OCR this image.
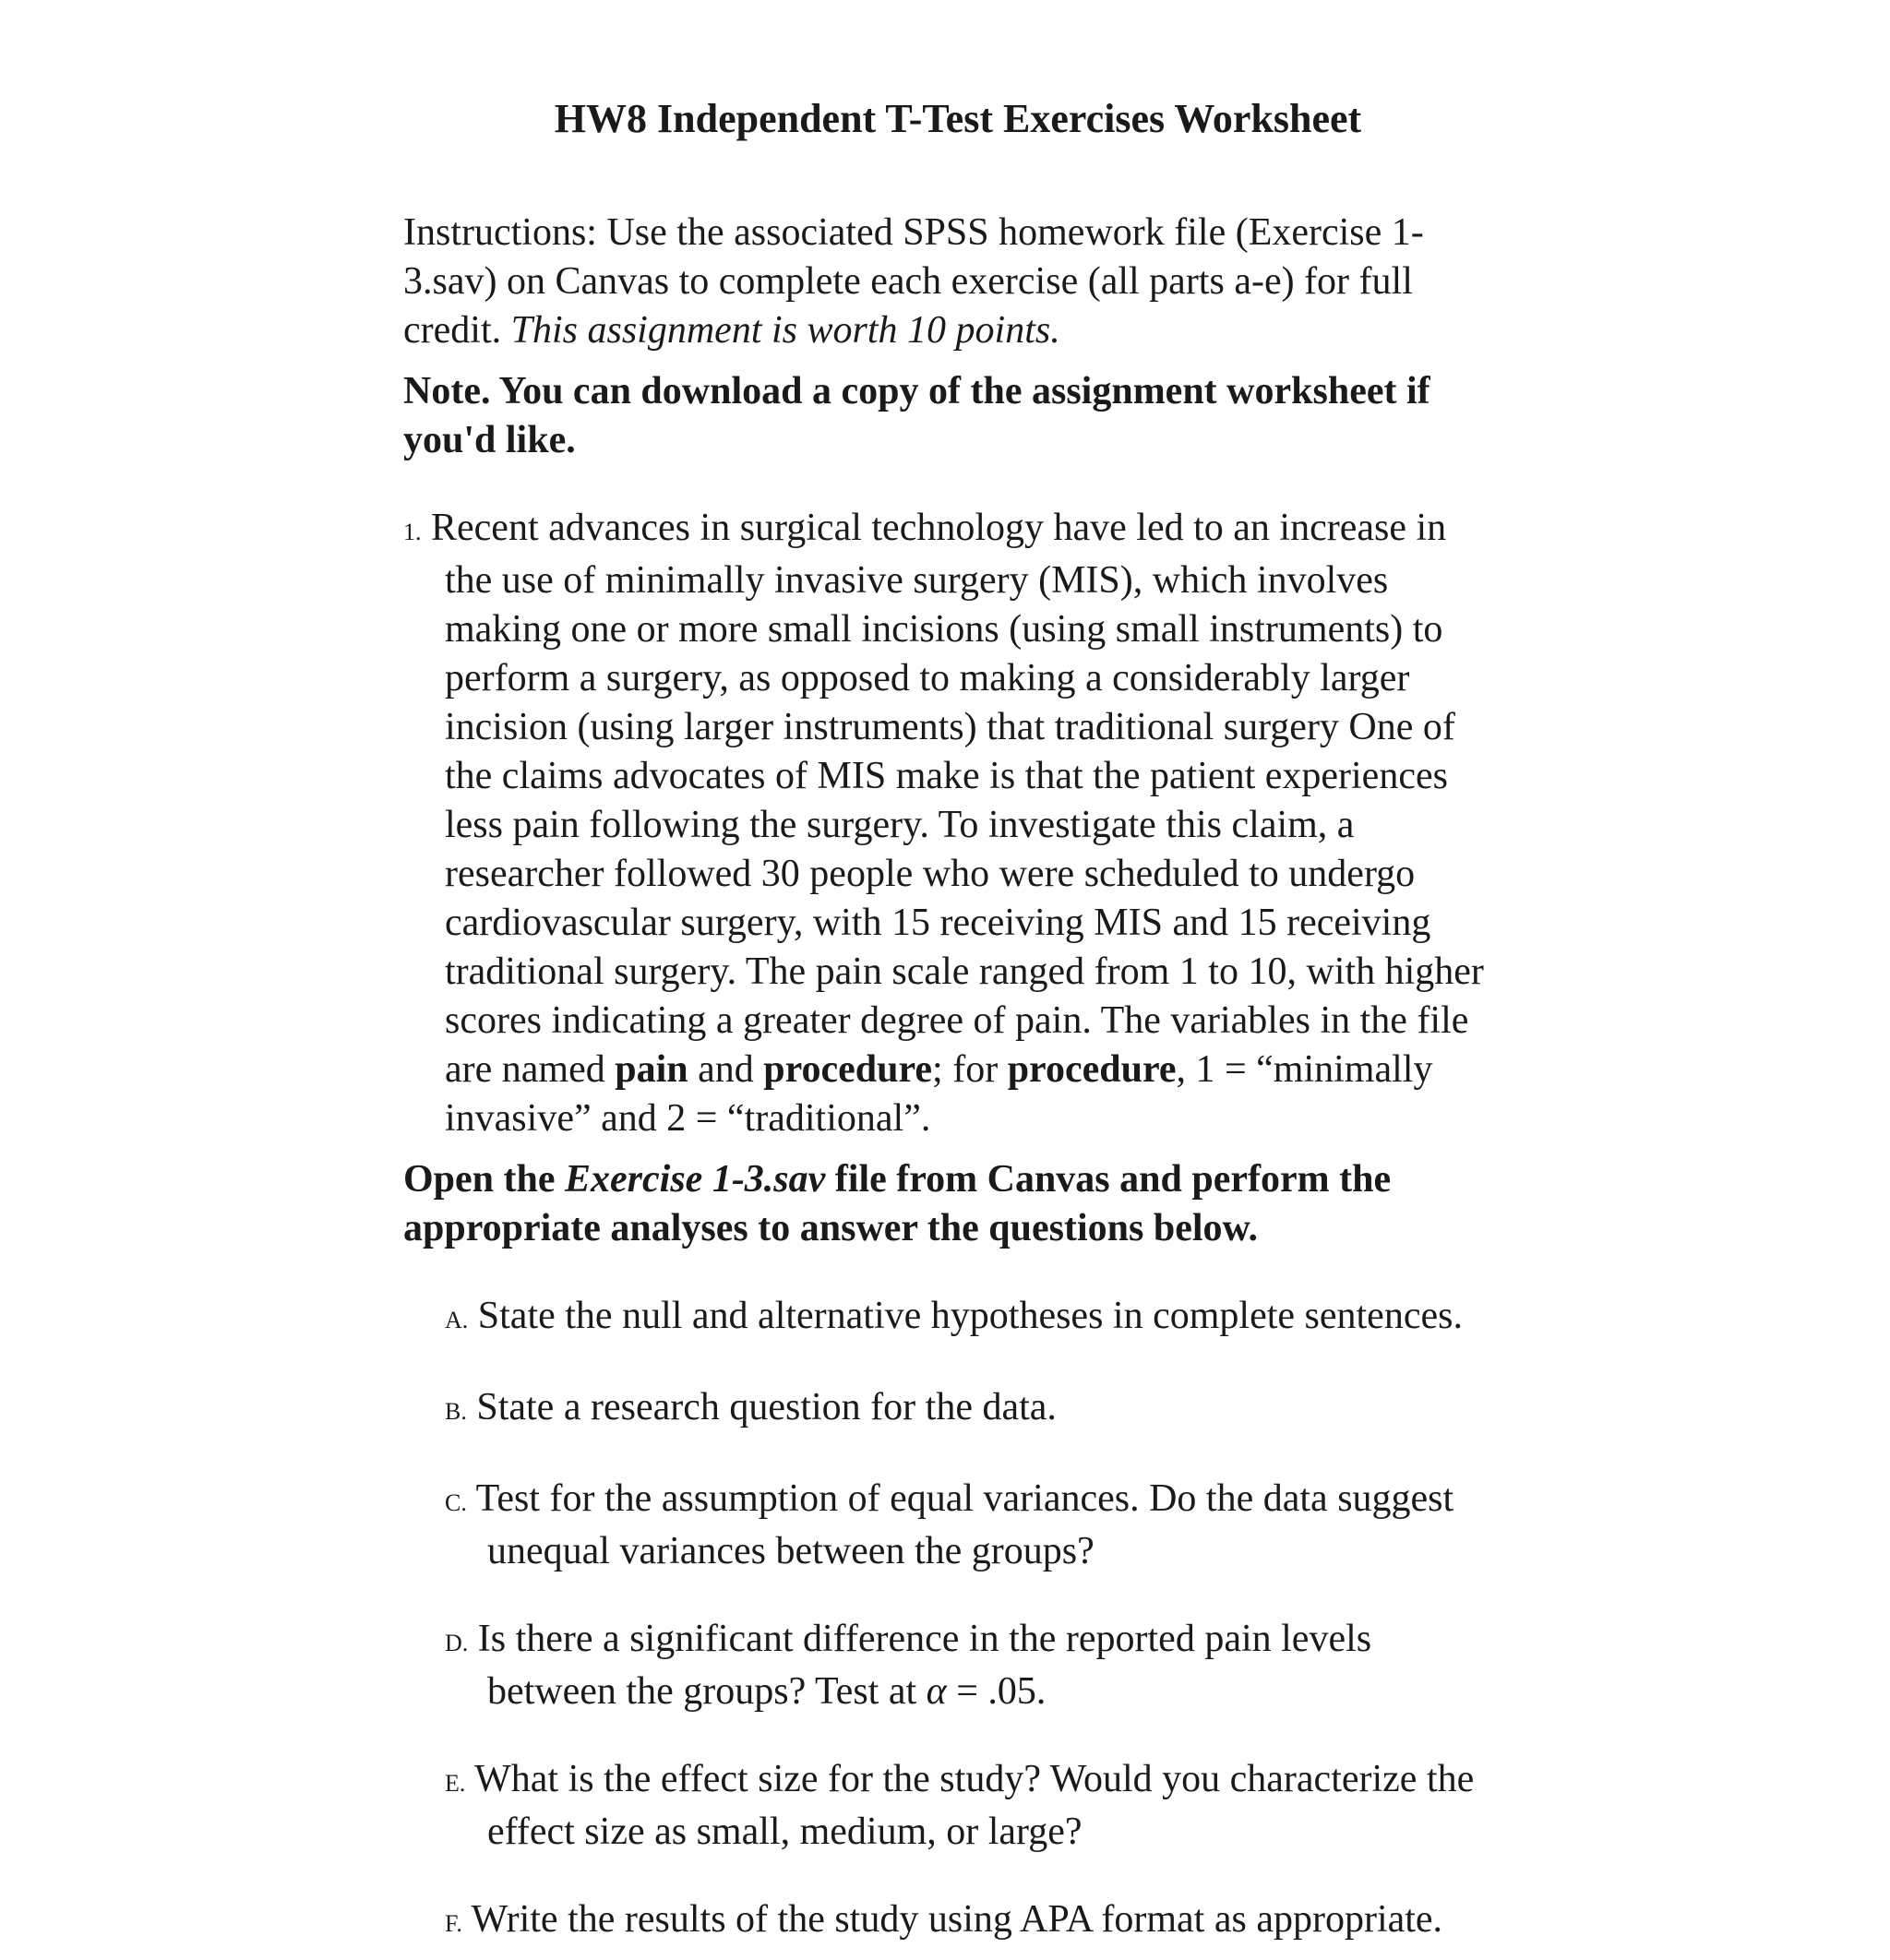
HW8 Independent T-Test Exercises Worksheet

Instructions: Use the associated SPSS homework file (Exercise 1-3.sav) on Canvas to complete each exercise (all parts a-e) for full credit. This assignment is worth 10 points.

Note. You can download a copy of the assignment worksheet if you'd like.

1. Recent advances in surgical technology have led to an increase in the use of minimally invasive surgery (MIS), which involves making one or more small incisions (using small instruments) to perform a surgery, as opposed to making a considerably larger incision (using larger instruments) that traditional surgery One of the claims advocates of MIS make is that the patient experiences less pain following the surgery. To investigate this claim, a researcher followed 30 people who were scheduled to undergo cardiovascular surgery, with 15 receiving MIS and 15 receiving traditional surgery. The pain scale ranged from 1 to 10, with higher scores indicating a greater degree of pain. The variables in the file are named pain and procedure; for procedure, 1 = “minimally invasive” and 2 = “traditional”.

Open the Exercise 1-3.sav file from Canvas and perform the appropriate analyses to answer the questions below.

A. State the null and alternative hypotheses in complete sentences.

B. State a research question for the data.

C. Test for the assumption of equal variances. Do the data suggest unequal variances between the groups?

D. Is there a significant difference in the reported pain levels between the groups? Test at α = .05.

E. What is the effect size for the study? Would you characterize the effect size as small, medium, or large?

F. Write the results of the study using APA format as appropriate.
